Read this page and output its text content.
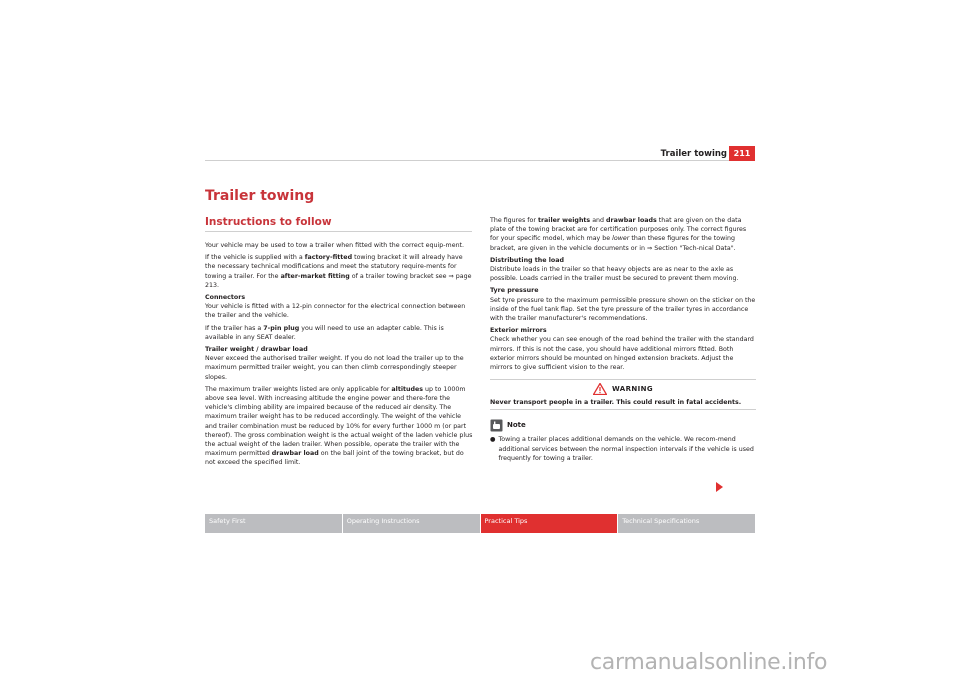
Trailer towing 211
Trailer towing
Instructions to follow

Your vehicle may be used to tow a trailer when fitted with the correct equip-ment.

If the vehicle is supplied with a factory-fitted towing bracket it will already have the necessary technical modifications and meet the statutory require-ments for towing a trailer. For the after-market fitting of a trailer towing bracket see ⇒ page 213.

Connectors

Your vehicle is fitted with a 12-pin connector for the electrical connection between the trailer and the vehicle.

If the trailer has a 7-pin plug you will need to use an adapter cable. This is available in any SEAT dealer.

Trailer weight / drawbar load

Never exceed the authorised trailer weight. If you do not load the trailer up to the maximum permitted trailer weight, you can then climb correspondingly steeper slopes.

The maximum trailer weights listed are only applicable for altitudes up to 1000m above sea level. With increasing altitude the engine power and there-fore the vehicle's climbing ability are impaired because of the reduced air density. The maximum trailer weight has to be reduced accordingly. The weight of the vehicle and trailer combination must be reduced by 10% for every further 1000 m (or part thereof). The gross combination weight is the actual weight of the laden vehicle plus the actual weight of the laden trailer. When possible, operate the trailer with the maximum permitted drawbar load on the ball joint of the towing bracket, but do not exceed the specified limit.

The figures for trailer weights and drawbar loads that are given on the data plate of the towing bracket are for certification purposes only. The correct figures for your specific model, which may be lower than these figures for the towing bracket, are given in the vehicle documents or in ⇒ Section "Tech-nical Data".

Distributing the load

Distribute loads in the trailer so that heavy objects are as near to the axle as possible. Loads carried in the trailer must be secured to prevent them moving.

Tyre pressure

Set tyre pressure to the maximum permissible pressure shown on the sticker on the inside of the fuel tank flap. Set the tyre pressure of the trailer tyres in accordance with the trailer manufacturer's recommendations.

Exterior mirrors

Check whether you can see enough of the road behind the trailer with the standard mirrors. If this is not the case, you should have additional mirrors fitted. Both exterior mirrors should be mounted on hinged extension brackets. Adjust the mirrors to give sufficient vision to the rear.

WARNING
Never transport people in a trailer. This could result in fatal accidents.
Note
● Towing a trailer places additional demands on the vehicle. We recom-mend additional services between the normal inspection intervals if the vehicle is used frequently for towing a trailer.
Safety First	Operating Instructions	Practical Tips	Technical Specifications
carmanualsonline.info
